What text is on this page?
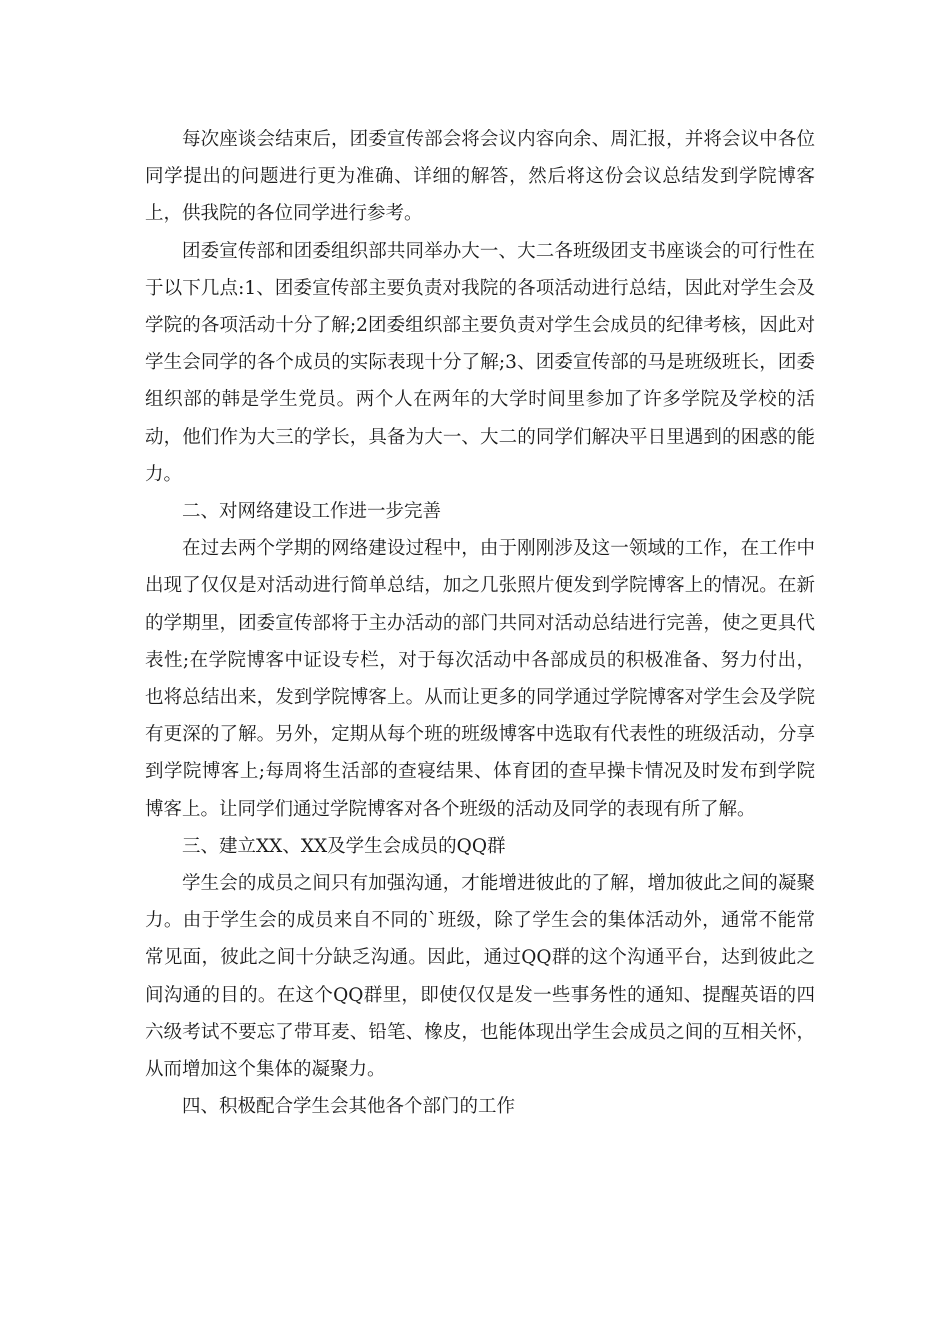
每次座谈会结束后，团委宣传部会将会议内容向余、周汇报，并将会议中各位同学提出的问题进行更为准确、详细的解答，然后将这份会议总结发到学院博客上，供我院的各位同学进行参考。

团委宣传部和团委组织部共同举办大一、大二各班级团支书座谈会的可行性在于以下几点:1、团委宣传部主要负责对我院的各项活动进行总结，因此对学生会及学院的各项活动十分了解;2团委组织部主要负责对学生会成员的纪律考核，因此对学生会同学的各个成员的实际表现十分了解;3、团委宣传部的马是班级班长，团委组织部的韩是学生党员。两个人在两年的大学时间里参加了许多学院及学校的活动，他们作为大三的学长，具备为大一、大二的同学们解决平日里遇到的困惑的能力。

二、对网络建设工作进一步完善

在过去两个学期的网络建设过程中，由于刚刚涉及这一领域的工作，在工作中出现了仅仅是对活动进行简单总结，加之几张照片便发到学院博客上的情况。在新的学期里，团委宣传部将于主办活动的部门共同对活动总结进行完善，使之更具代表性;在学院博客中证设专栏，对于每次活动中各部成员的积极准备、努力付出，也将总结出来，发到学院博客上。从而让更多的同学通过学院博客对学生会及学院有更深的了解。另外，定期从每个班的班级博客中选取有代表性的班级活动，分享到学院博客上;每周将生活部的查寝结果、体育团的查早操卡情况及时发布到学院博客上。让同学们通过学院博客对各个班级的活动及同学的表现有所了解。

三、建立XX、XX及学生会成员的QQ群

学生会的成员之间只有加强沟通，才能增进彼此的了解，增加彼此之间的凝聚力。由于学生会的成员来自不同的`班级，除了学生会的集体活动外，通常不能常常见面，彼此之间十分缺乏沟通。因此，通过QQ群的这个沟通平台，达到彼此之间沟通的目的。在这个QQ群里，即使仅仅是发一些事务性的通知、提醒英语的四六级考试不要忘了带耳麦、铅笔、橡皮，也能体现出学生会成员之间的互相关怀，从而增加这个集体的凝聚力。

四、积极配合学生会其他各个部门的工作
